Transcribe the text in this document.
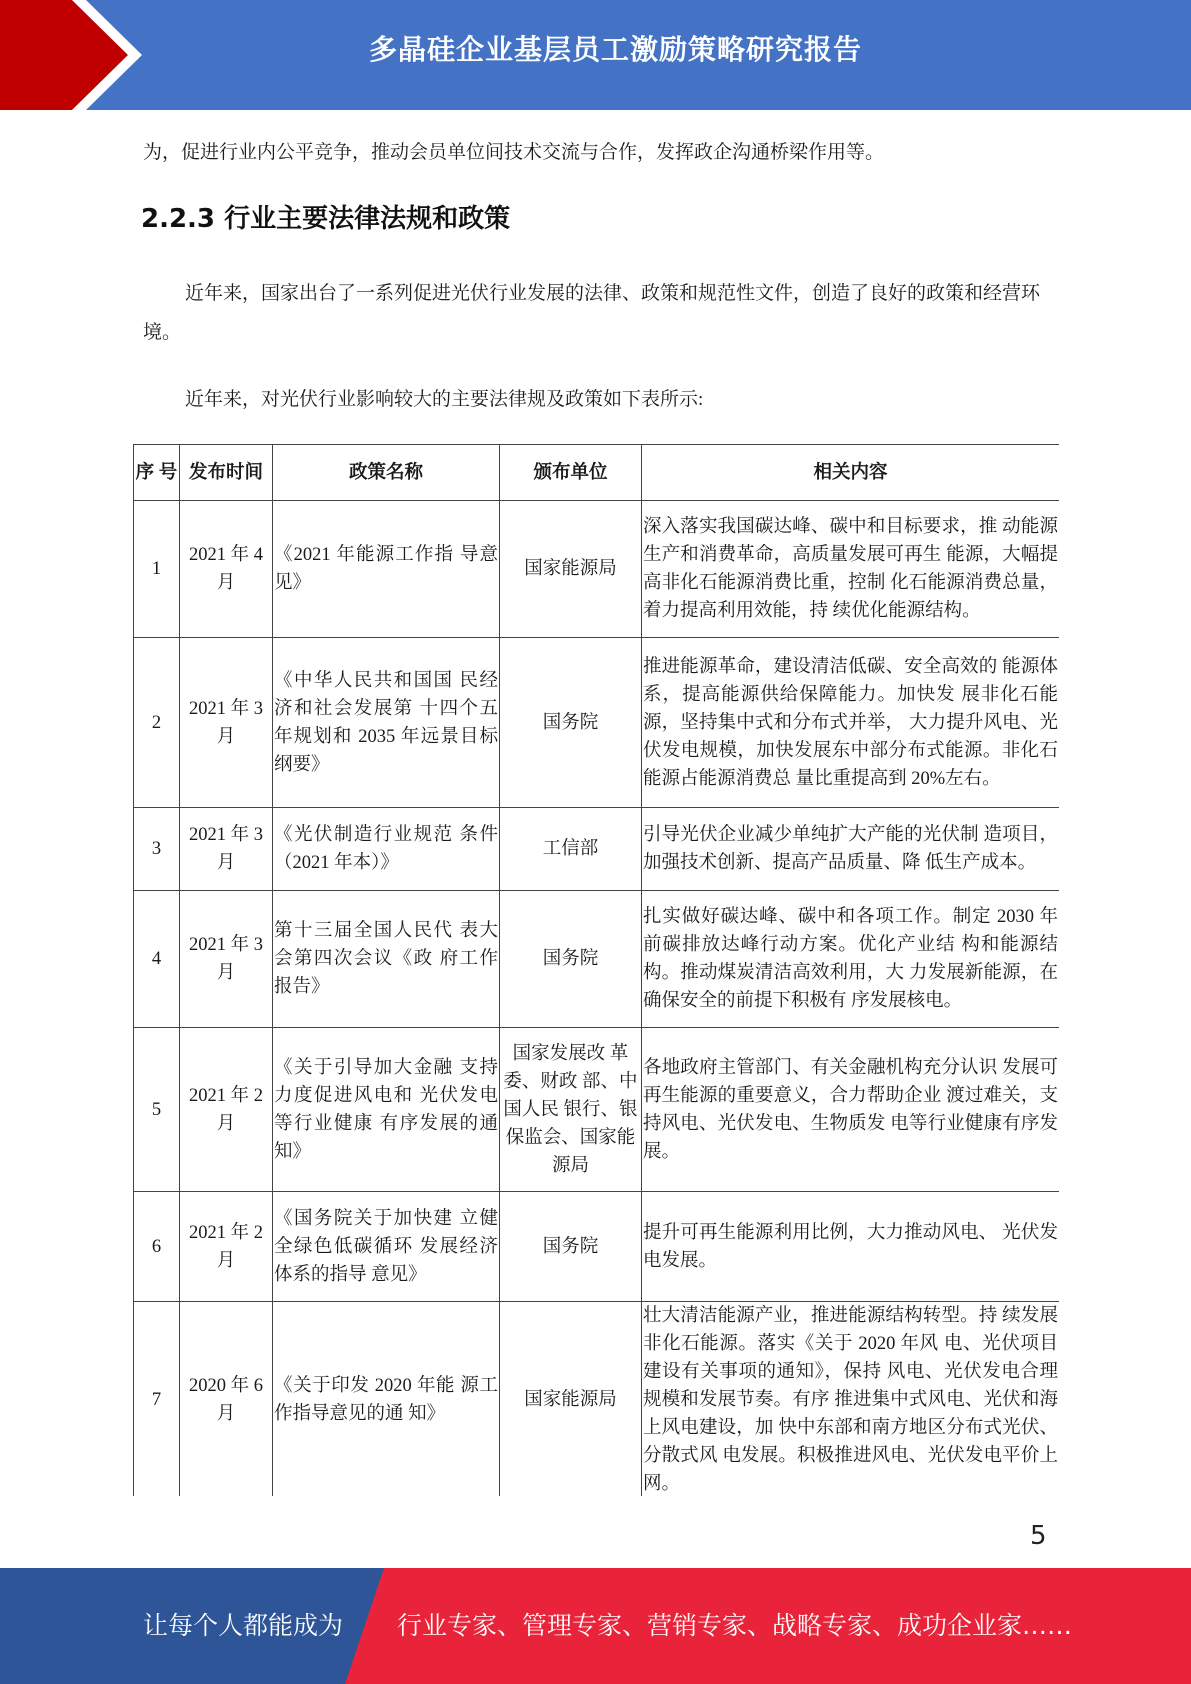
多晶硅企业基层员工激励策略研究报告

为，促进行业内公平竞争，推动会员单位间技术交流与合作，发挥政企沟通桥梁作用等。

2.2.3 行业主要法律法规和政策

近年来，国家出台了一系列促进光伏行业发展的法律、政策和规范性文件，创造了良好的政策和经营环境。

近年来，对光伏行业影响较大的主要法律规及政策如下表所示:

序 号	发布时间	政策名称	颁布单位	相关内容
1	2021 年 4 月	《2021 年能源工作指 导意见》	国家能源局	深入落实我国碳达峰、碳中和目标要求，推 动能源生产和消费革命，高质量发展可再生 能源，大幅提高非化石能源消费比重，控制 化石能源消费总量，着力提高利用效能，持 续优化能源结构。
2	2021 年 3 月	《中华人民共和国国 民经济和社会发展第 十四个五年规划和 2035 年远景目标纲要》	国务院	推进能源革命，建设清洁低碳、安全高效的 能源体系，提高能源供给保障能力。加快发 展非化石能源，坚持集中式和分布式并举， 大力提升风电、光伏发电规模，加快发展东中部分布式能源。非化石能源占能源消费总 量比重提高到 20%左右。
3	2021 年 3 月	《光伏制造行业规范 条件（2021 年本）》	工信部	引导光伏企业减少单纯扩大产能的光伏制 造项目，加强技术创新、提高产品质量、降 低生产成本。
4	2021 年 3 月	第十三届全国人民代 表大会第四次会议《政 府工作报告》	国务院	扎实做好碳达峰、碳中和各项工作。制定 2030 年前碳排放达峰行动方案。优化产业结 构和能源结构。推动煤炭清洁高效利用，大 力发展新能源，在确保安全的前提下积极有 序发展核电。
5	2021 年 2 月	《关于引导加大金融 支持力度促进风电和 光伏发电等行业健康 有序发展的通知》	国家发展改 革委、财政 部、中国人民 银行、银保监会、国家能源局	各地政府主管部门、有关金融机构充分认识 发展可再生能源的重要意义，合力帮助企业 渡过难关，支持风电、光伏发电、生物质发 电等行业健康有序发展。
6	2021 年 2 月	《国务院关于加快建 立健全绿色低碳循环 发展经济体系的指导 意见》	国务院	提升可再生能源利用比例，大力推动风电、 光伏发电发展。
7	2020 年 6 月	《关于印发 2020 年能 源工作指导意见的通 知》	国家能源局	壮大清洁能源产业，推进能源结构转型。持 续发展非化石能源。落实《关于 2020 年风 电、光伏项目建设有关事项的通知》，保持 风电、光伏发电合理规模和发展节奏。有序 推进集中式风电、光伏和海上风电建设，加 快中东部和南方地区分布式光伏、分散式风 电发展。积极推进风电、光伏发电平价上网。
5
让每个人都能成为 行业专家、管理专家、营销专家、战略专家、成功企业家……
